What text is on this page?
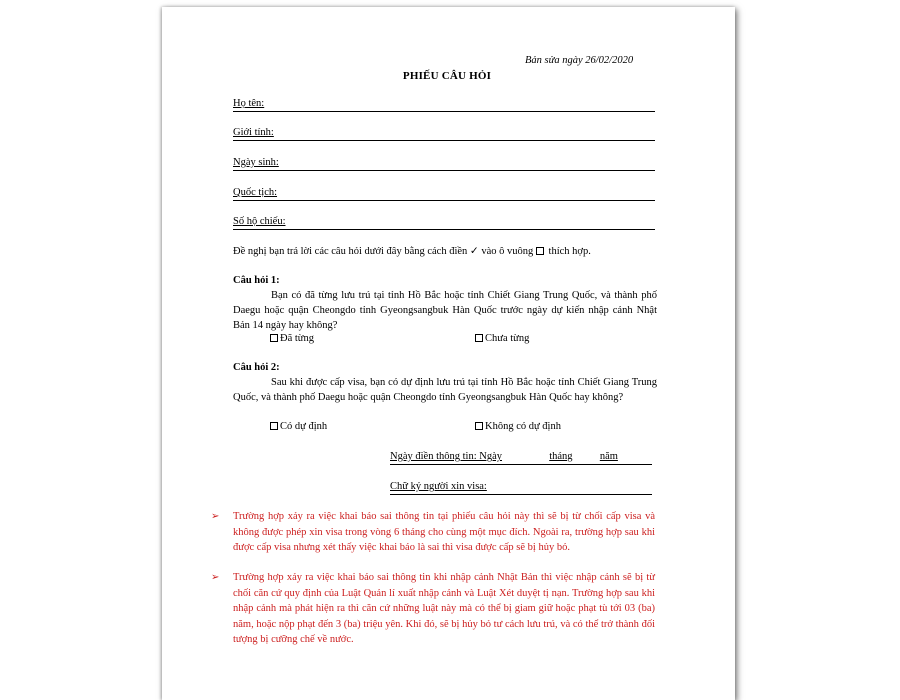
Bản sửa ngày 26/02/2020
PHIẾU CÂU HỎI
Họ tên:
Giới tính:
Ngày sinh:
Quốc tịch:
Số hộ chiếu:
Đề nghị bạn trả lời các câu hỏi dưới đây bằng cách điền ✓ vào ô vuông thích hợp.
Câu hỏi 1:
Bạn có đã từng lưu trú tại tỉnh Hồ Bắc hoặc tỉnh Chiết Giang Trung Quốc, và thành phố Daegu hoặc quận Cheongdo tỉnh Gyeongsangbuk Hàn Quốc trước ngày dự kiến nhập cảnh Nhật Bản 14 ngày hay không?
Đã từng	Chưa từng
Câu hỏi 2:
Sau khi được cấp visa, bạn có dự định lưu trú tại tỉnh Hồ Bắc hoặc tỉnh Chiết Giang Trung Quốc, và thành phố Daegu hoặc quận Cheongdo tỉnh Gyeongsangbuk Hàn Quốc hay không?
Có dự định	Không có dự định
Ngày điền thông tin: Ngày	tháng	năm
Chữ ký người xin visa:
➢ Trường hợp xảy ra việc khai báo sai thông tin tại phiếu câu hỏi này thì sẽ bị từ chối cấp visa và không được phép xin visa trong vòng 6 tháng cho cùng một mục đích. Ngoài ra, trường hợp sau khi được cấp visa nhưng xét thấy việc khai báo là sai thì visa được cấp sẽ bị hủy bỏ.
➢ Trường hợp xảy ra việc khai báo sai thông tin khi nhập cảnh Nhật Bản thì việc nhập cảnh sẽ bị từ chối căn cứ quy định của Luật Quản lí xuất nhập cảnh và Luật Xét duyệt tị nạn. Trường hợp sau khi nhập cảnh mà phát hiện ra thì căn cứ những luật này mà có thể bị giam giữ hoặc phạt tù tới 03 (ba) năm, hoặc nộp phạt đến 3 (ba) triệu yên. Khi đó, sẽ bị hủy bỏ tư cách lưu trú, và có thể trở thành đối tượng bị cưỡng chế về nước.
